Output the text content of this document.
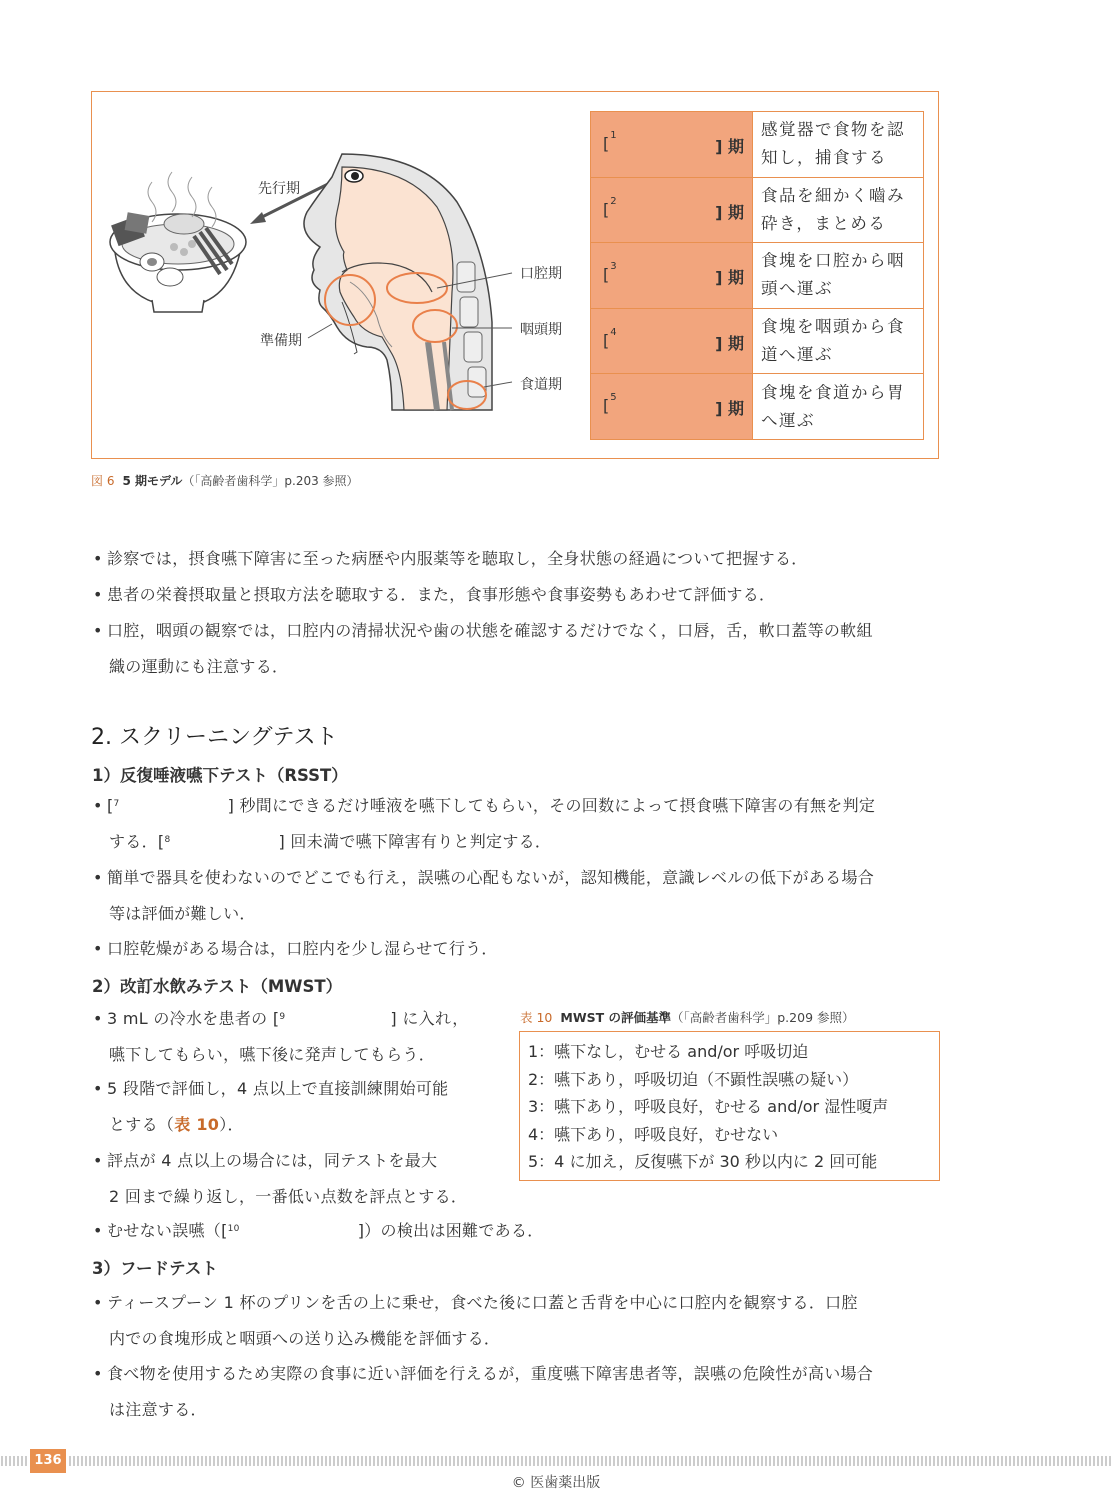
先行期
準備期
口腔期
咽頭期
食道期
[$^1$
] 期	感覚器で食物を認知し，捕食する

[$^2$
] 期	食品を細かく嚙み砕き，まとめる

[$^3$
] 期	食塊を口腔から咽頭へ運ぶ

[$^4$
] 期	食塊を咽頭から食道へ運ぶ

[$^5$
] 期	食塊を食道から胃へ運ぶ
図 6 5 期モデル（「高齢者歯科学」p.203 参照）
• 診察では，摂食嚥下障害に至った病歴や内服薬等を聴取し，全身状態の経過について把握する．
• 患者の栄養摂取量と摂取方法を聴取する．また，食事形態や食事姿勢もあわせて評価する．
• 口腔，咽頭の観察では，口腔内の清掃状況や歯の状態を確認するだけでなく，口唇，舌，軟口蓋等の軟組
織の運動にも注意する．
2. スクリーニングテスト
1）反復唾液嚥下テスト（RSST）
• [$^7$	] 秒間にできるだけ唾液を嚥下してもらい，その回数によって摂食嚥下障害の有無を判定
する．[$^8$	] 回未満で嚥下障害有りと判定する．
• 簡単で器具を使わないのでどこでも行え，誤嚥の心配もないが，認知機能，意識レベルの低下がある場合
等は評価が難しい．
• 口腔乾燥がある場合は，口腔内を少し湿らせて行う．
2）改訂水飲みテスト（MWST）
• 3 mL の冷水を患者の [$^9$	] に入れ，
嚥下してもらい，嚥下後に発声してもらう．
• 5 段階で評価し，4 点以上で直接訓練開始可能
とする（表 10）．
• 評点が 4 点以上の場合には，同テストを最大
2 回まで繰り返し，一番低い点数を評点とする．
• むせない誤嚥（[$^{10}$	]）の検出は困難である．
表 10 MWST の評価基準（「高齢者歯科学」p.209 参照）
1：嚥下なし，むせる and/or 呼吸切迫
2：嚥下あり，呼吸切迫（不顕性誤嚥の疑い）
3：嚥下あり，呼吸良好，むせる and/or 湿性嗄声
4：嚥下あり，呼吸良好，むせない
5：4 に加え，反復嚥下が 30 秒以内に 2 回可能
3）フードテスト
• ティースプーン 1 杯のプリンを舌の上に乗せ，食べた後に口蓋と舌背を中心に口腔内を観察する．口腔
内での食塊形成と咽頭への送り込み機能を評価する．
• 食べ物を使用するため実際の食事に近い評価を行えるが，重度嚥下障害患者等，誤嚥の危険性が高い場合
は注意する．
136
© 医歯薬出版
